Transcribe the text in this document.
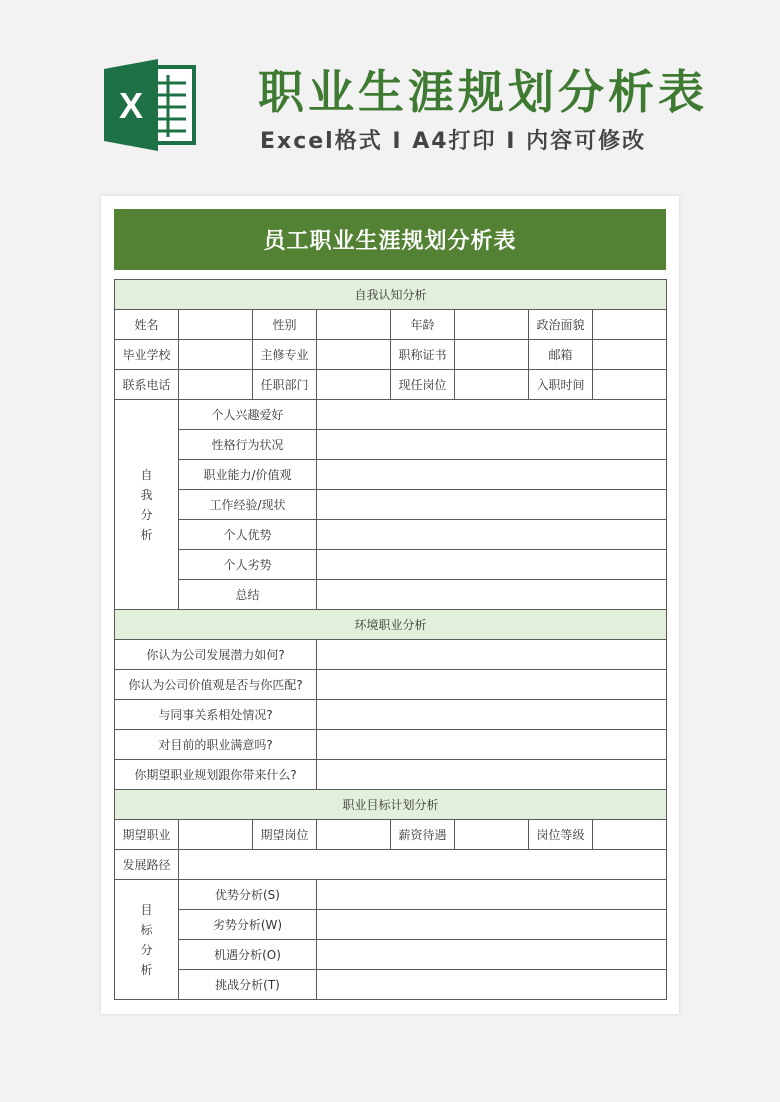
X 职业生涯规划分析表
Excel格式 I A4打印 I 内容可修改
员工职业生涯规划分析表
自我认知分析
姓名	性别	年龄	政治面貌
毕业学校	主修专业	职称证书	邮箱
联系电话	任职部门	现任岗位	入职时间
自我分析
个人兴趣爱好
性格行为状况
职业能力/价值观
工作经验/现状
个人优势
个人劣势
总结
环境职业分析
你认为公司发展潜力如何?
你认为公司价值观是否与你匹配?
与同事关系相处情况?
对目前的职业满意吗?
你期望职业规划跟你带来什么?
职业目标计划分析
期望职业	期望岗位	薪资待遇	岗位等级
发展路径
目标分析
优势分析(S)
劣势分析(W)
机遇分析(O)
挑战分析(T)
